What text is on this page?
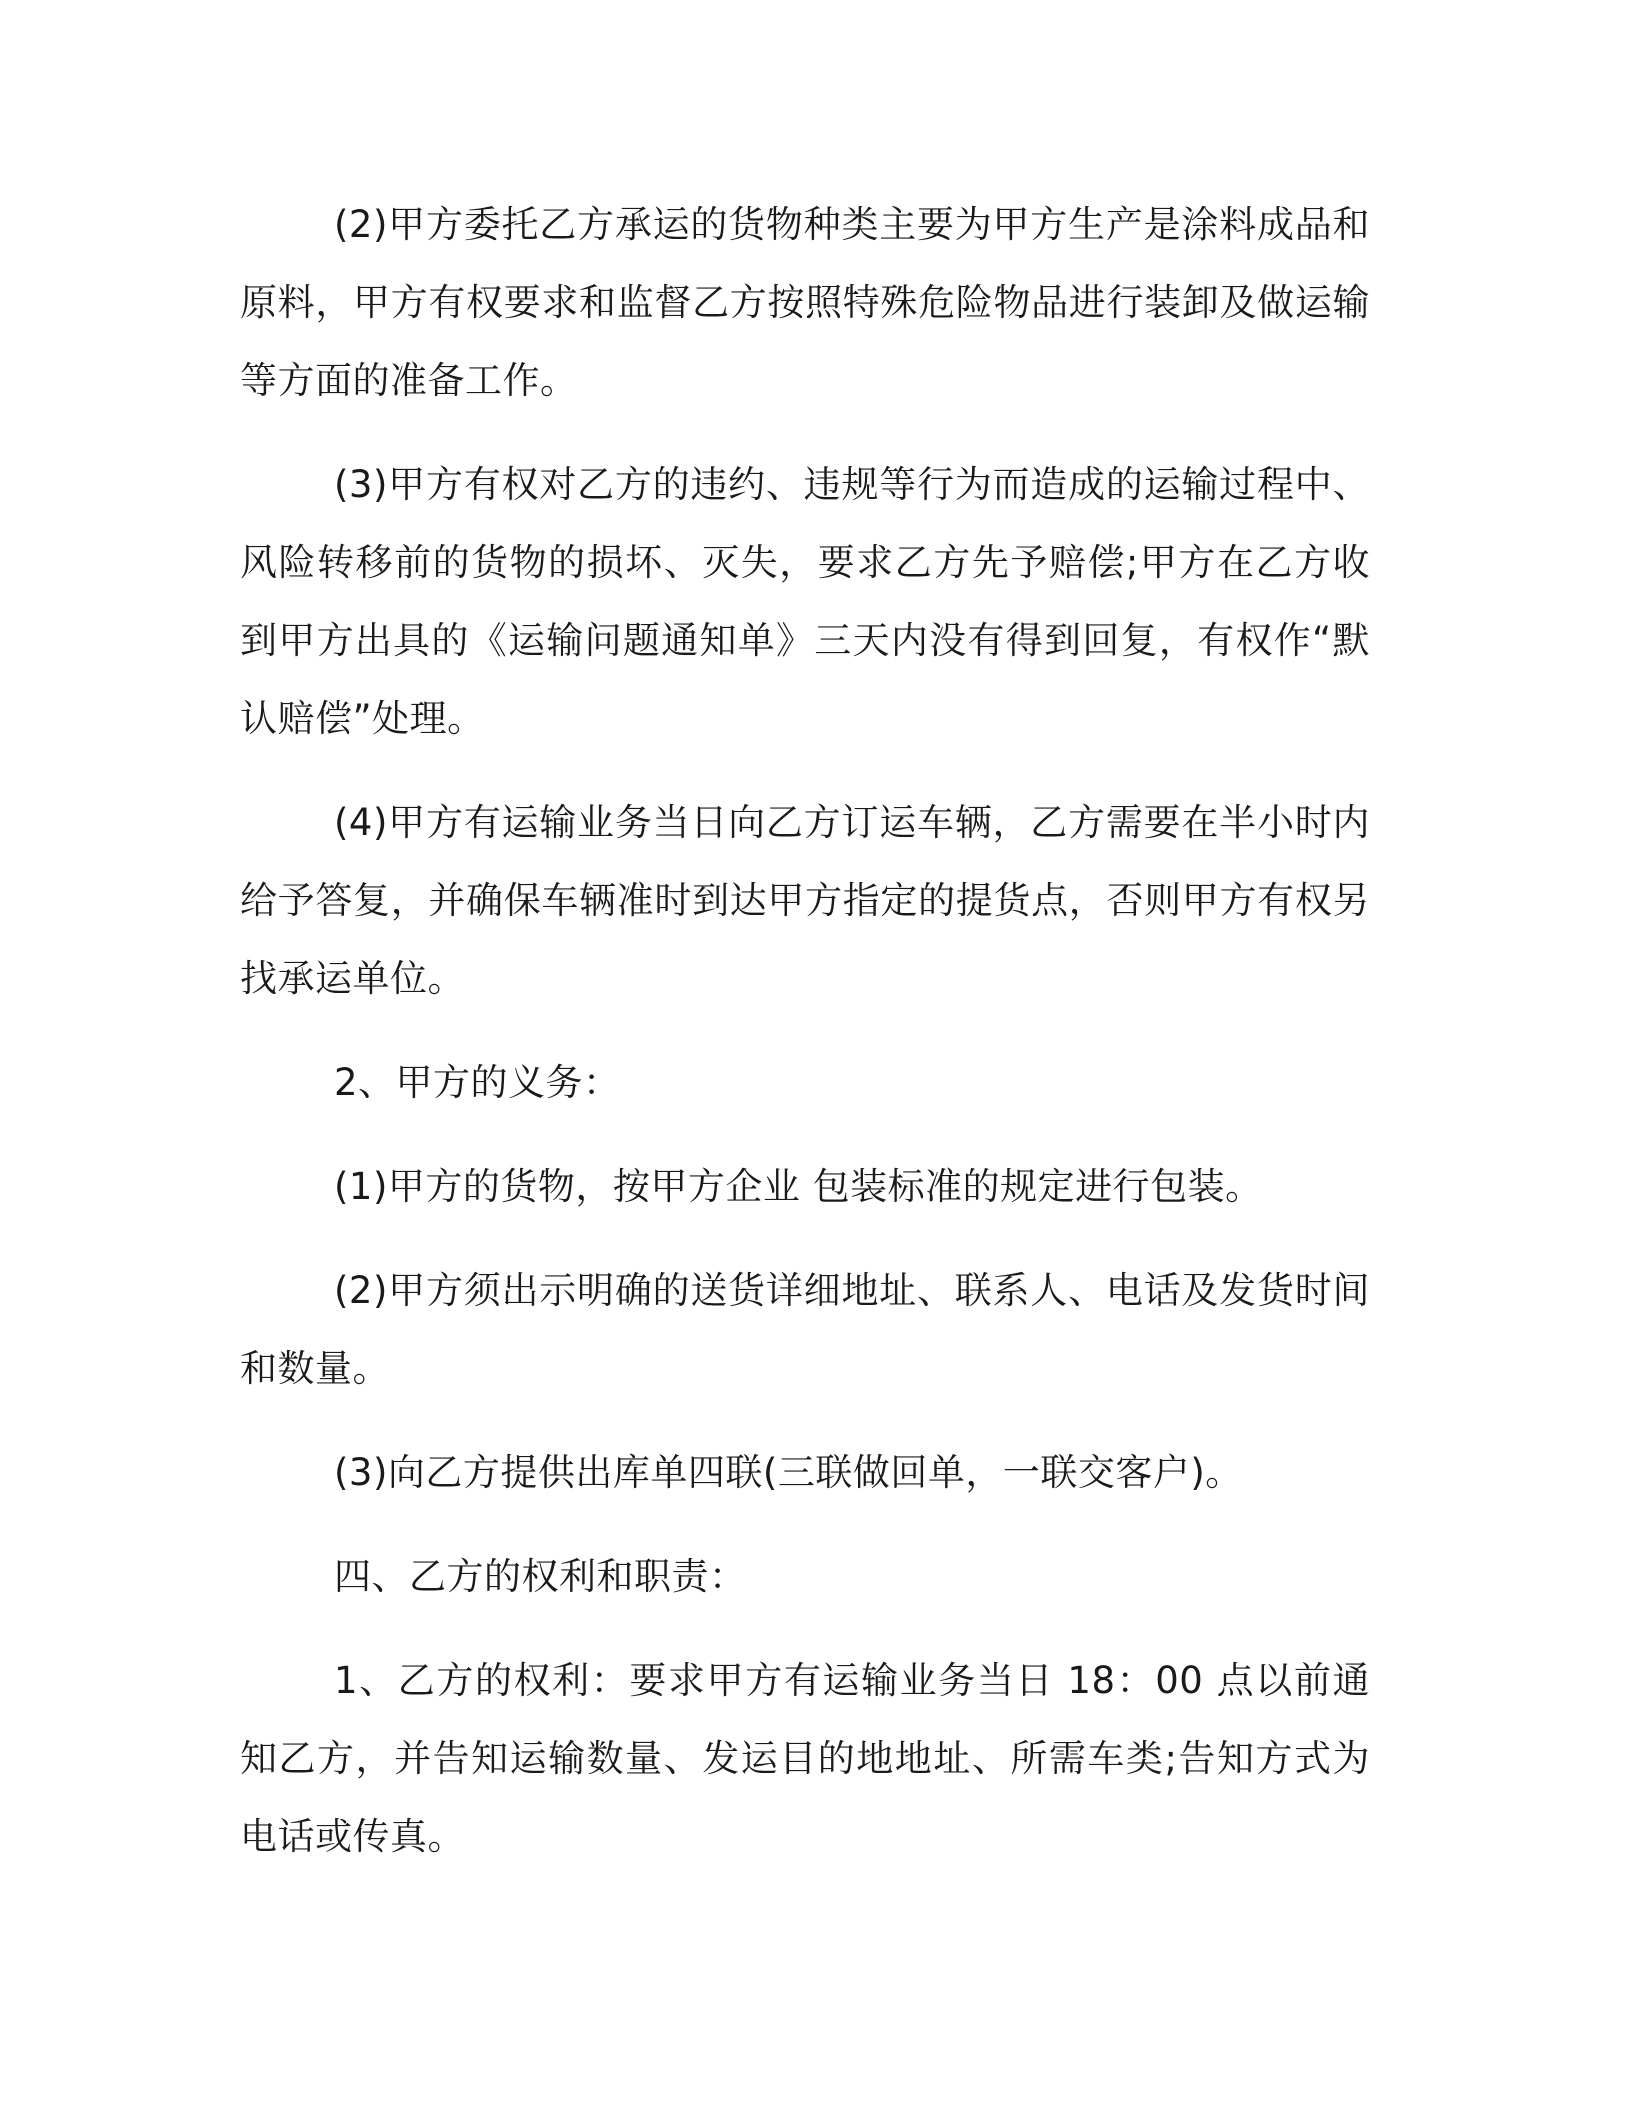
(2)甲方委托乙方承运的货物种类主要为甲方生产是涂料成品和原料，甲方有权要求和监督乙方按照特殊危险物品进行装卸及做运输等方面的准备工作。

(3)甲方有权对乙方的违约、违规等行为而造成的运输过程中、风险转移前的货物的损坏、灭失，要求乙方先予赔偿;甲方在乙方收到甲方出具的《运输问题通知单》三天内没有得到回复，有权作“默认赔偿”处理。

(4)甲方有运输业务当日向乙方订运车辆，乙方需要在半小时内给予答复，并确保车辆准时到达甲方指定的提货点，否则甲方有权另找承运单位。

2、甲方的义务：

(1)甲方的货物，按甲方企业 包装标准的规定进行包装。

(2)甲方须出示明确的送货详细地址、联系人、电话及发货时间和数量。

(3)向乙方提供出库单四联(三联做回单，一联交客户)。

四、乙方的权利和职责：

1、乙方的权利：要求甲方有运输业务当日 18：00 点以前通知乙方，并告知运输数量、发运目的地地址、所需车类;告知方式为电话或传真。
